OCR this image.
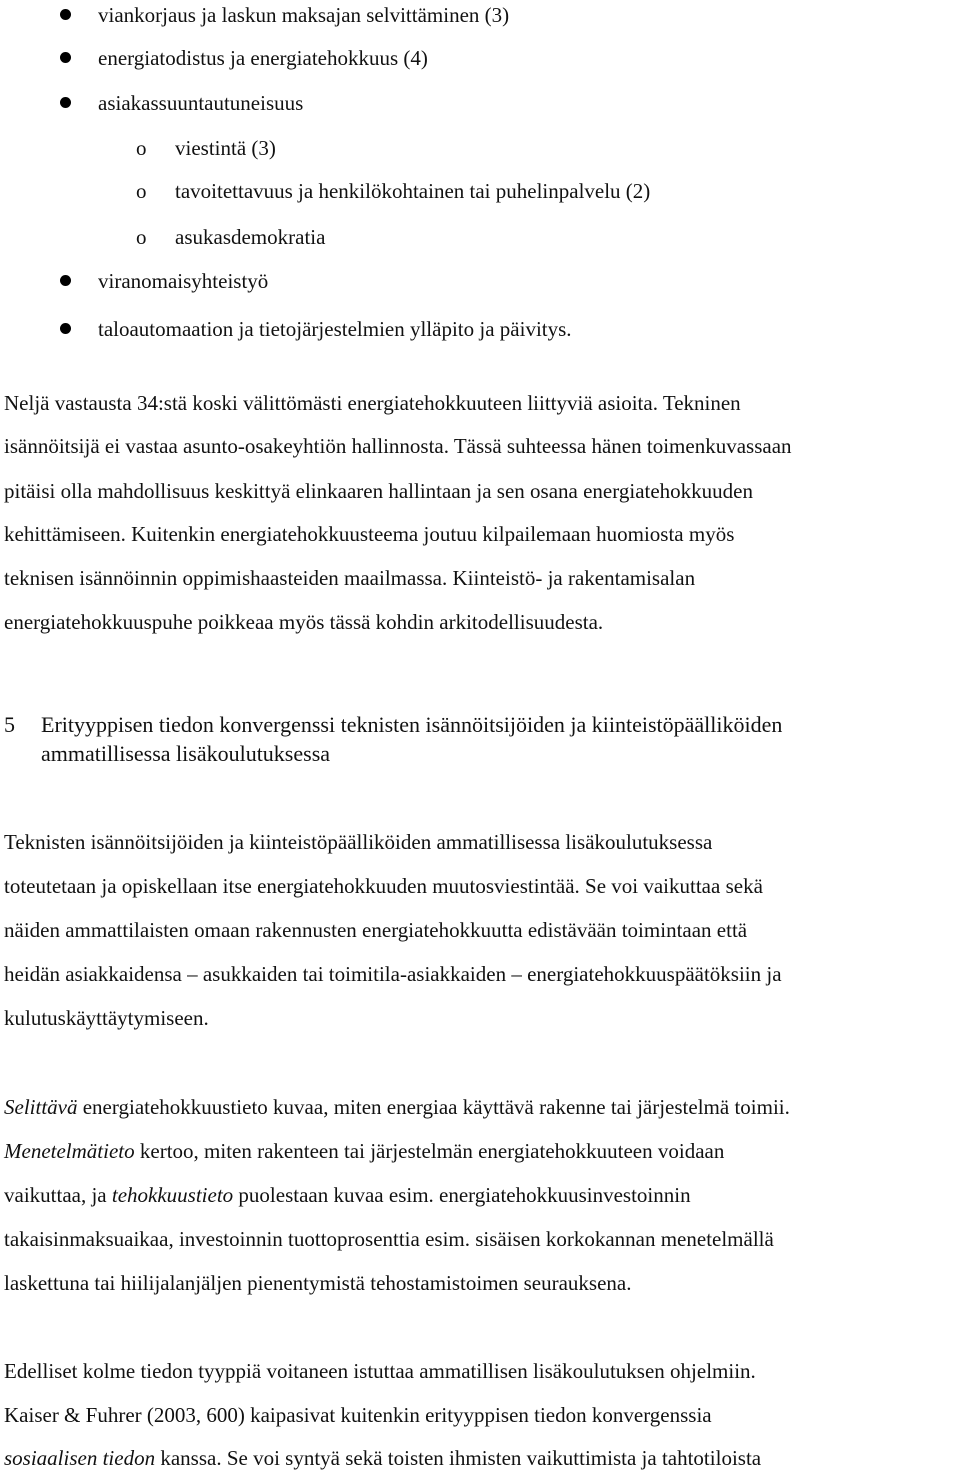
viankorjaus ja laskun maksajan selvittäminen (3)
energiatodistus ja energiatehokkuus (4)
asiakassuuntautuneisuus
o viestintä (3)
o tavoitettavuus ja henkilökohtainen tai puhelinpalvelu (2)
o asukasdemokratia
viranomaisyhteistyö
taloautomaation ja tietojärjestelmien ylläpito ja päivitys.
Neljä vastausta 34:stä koski välittömästi energiatehokkuuteen liittyviä asioita. Tekninen
isännöitsijä ei vastaa asunto-osakeyhtiön hallinnosta. Tässä suhteessa hänen toimenkuvassaan
pitäisi olla mahdollisuus keskittyä elinkaaren hallintaan ja sen osana energiatehokkuuden
kehittämiseen. Kuitenkin energiatehokkuusteema joutuu kilpailemaan huomiosta myös
teknisen isännöinnin oppimishaasteiden maailmassa. Kiinteistö- ja rakentamisalan
energiatehokkuuspuhe poikkeaa myös tässä kohdin arkitodellisuudesta.
5 Erityyppisen tiedon konvergenssi teknisten isännöitsijöiden ja kiinteistöpäälliköiden
ammatillisessa lisäkoulutuksessa
Teknisten isännöitsijöiden ja kiinteistöpäälliköiden ammatillisessa lisäkoulutuksessa
toteutetaan ja opiskellaan itse energiatehokkuuden muutosviestintää. Se voi vaikuttaa sekä
näiden ammattilaisten omaan rakennusten energiatehokkuutta edistävään toimintaan että
heidän asiakkaidensa – asukkaiden tai toimitila-asiakkaiden – energiatehokkuuspäätöksiin ja
kulutuskäyttäytymiseen.
Selittävä energiatehokkuustieto kuvaa, miten energiaa käyttävä rakenne tai järjestelmä toimii.
Menetelmätieto kertoo, miten rakenteen tai järjestelmän energiatehokkuuteen voidaan
vaikuttaa, ja tehokkuustieto puolestaan kuvaa esim. energiatehokkuusinvestoinnin
takaisinmaksuaikaa, investoinnin tuottoprosenttia esim. sisäisen korkokannan menetelmällä
laskettuna tai hiilijalanjäljen pienentymistä tehostamistoimen seurauksena.
Edelliset kolme tiedon tyyppiä voitaneen istuttaa ammatillisen lisäkoulutuksen ohjelmiin.
Kaiser & Fuhrer (2003, 600) kaipasivat kuitenkin erityyppisen tiedon konvergenssia
sosiaalisen tiedon kanssa. Se voi syntyä sekä toisten ihmisten vaikuttimista ja tahtotiloista
